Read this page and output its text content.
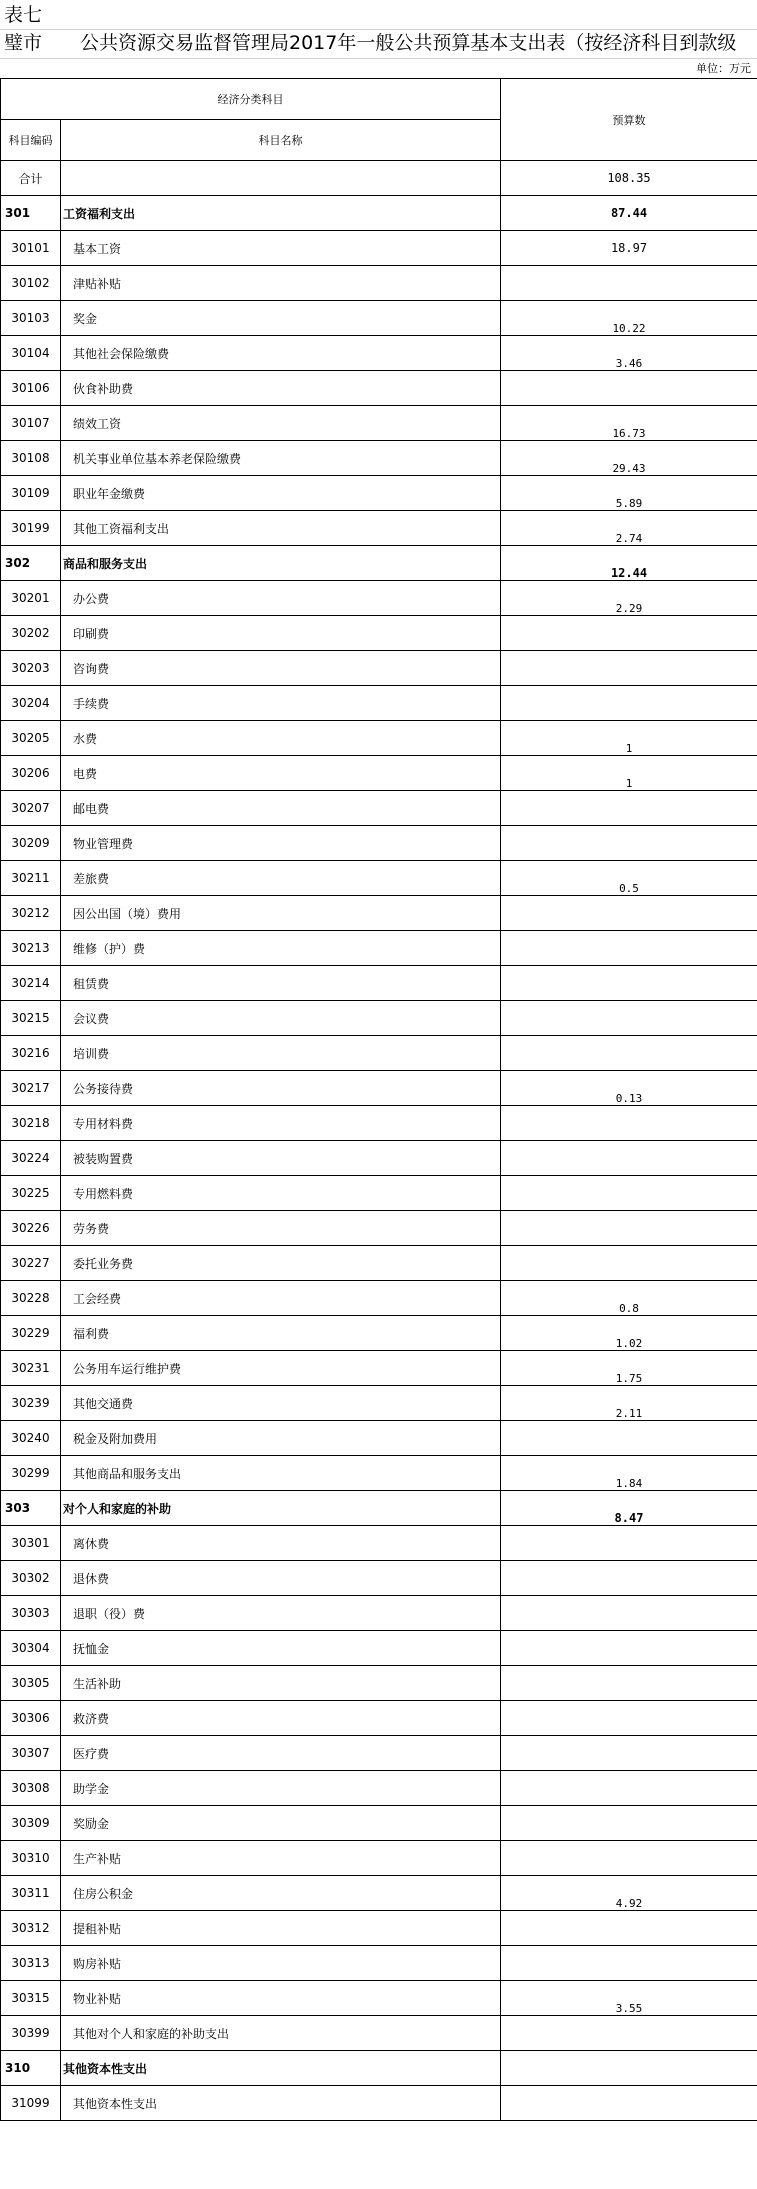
表七
璧市 公共资源交易监督管理局2017年一般公共预算基本支出表（按经济科目到款级
单位：万元
经济分类科目		预算数
科目编码	科目名称	
合计		108.35
301	工资福利支出	87.44
30101	基本工资	18.97
30102	津贴补贴	
30103	奖金	10.22
30104	其他社会保险缴费	3.46
30106	伙食补助费	
30107	绩效工资	16.73
30108	机关事业单位基本养老保险缴费	29.43
30109	职业年金缴费	5.89
30199	其他工资福利支出	2.74
302	商品和服务支出	12.44
30201	办公费	2.29
30202	印刷费	
30203	咨询费	
30204	手续费	
30205	水费	1
30206	电费	1
30207	邮电费	
30209	物业管理费	
30211	差旅费	0.5
30212	因公出国（境）费用	
30213	维修（护）费	
30214	租赁费	
30215	会议费	
30216	培训费	
30217	公务接待费	0.13
30218	专用材料费	
30224	被装购置费	
30225	专用燃料费	
30226	劳务费	
30227	委托业务费	
30228	工会经费	0.8
30229	福利费	1.02
30231	公务用车运行维护费	1.75
30239	其他交通费	2.11
30240	税金及附加费用	
30299	其他商品和服务支出	1.84
303	对个人和家庭的补助	8.47
30301	离休费	
30302	退休费	
30303	退职（役）费	
30304	抚恤金	
30305	生活补助	
30306	救济费	
30307	医疗费	
30308	助学金	
30309	奖励金	
30310	生产补贴	
30311	住房公积金	4.92
30312	提租补贴	
30313	购房补贴	
30315	物业补贴	3.55
30399	其他对个人和家庭的补助支出	
310	其他资本性支出	
31099	其他资本性支出	
